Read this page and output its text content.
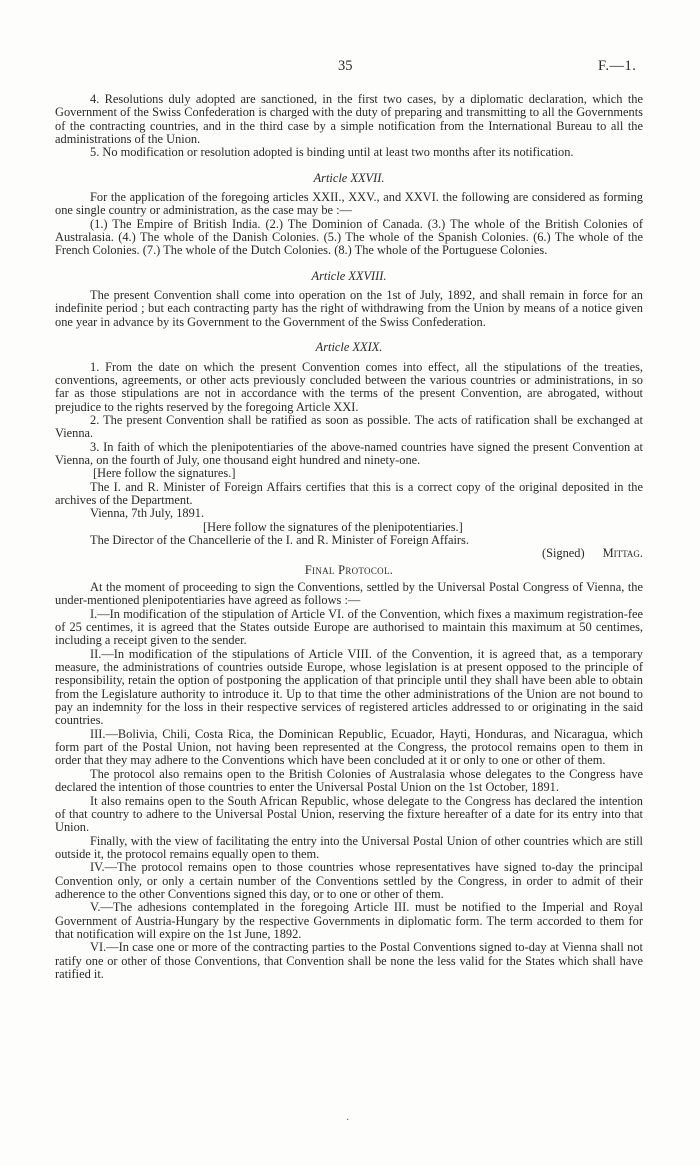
35	F.—1.

4. Resolutions duly adopted are sanctioned, in the first two cases, by a diplomatic declaration, which the Government of the Swiss Confederation is charged with the duty of preparing and transmitting to all the Governments of the contracting countries, and in the third case by a simple notification from the International Bureau to all the administrations of the Union.

5. No modification or resolution adopted is binding until at least two months after its notification.

Article XXVII.

For the application of the foregoing articles XXII., XXV., and XXVI. the following are considered as forming one single country or administration, as the case may be :—

(1.) The Empire of British India. (2.) The Dominion of Canada. (3.) The whole of the British Colonies of Australasia. (4.) The whole of the Danish Colonies. (5.) The whole of the Spanish Colonies. (6.) The whole of the French Colonies. (7.) The whole of the Dutch Colonies. (8.) The whole of the Portuguese Colonies.

Article XXVIII.

The present Convention shall come into operation on the 1st of July, 1892, and shall remain in force for an indefinite period ; but each contracting party has the right of withdrawing from the Union by means of a notice given one year in advance by its Government to the Government of the Swiss Confederation.

Article XXIX.

1. From the date on which the present Convention comes into effect, all the stipulations of the treaties, conventions, agreements, or other acts previously concluded between the various countries or administrations, in so far as those stipulations are not in accordance with the terms of the present Convention, are abrogated, without prejudice to the rights reserved by the foregoing Article XXI.

2. The present Convention shall be ratified as soon as possible. The acts of ratification shall be exchanged at Vienna.

3. In faith of which the plenipotentiaries of the above-named countries have signed the present Convention at Vienna, on the fourth of July, one thousand eight hundred and ninety-one.

[Here follow the signatures.]

The I. and R. Minister of Foreign Affairs certifies that this is a correct copy of the original deposited in the archives of the Department.

Vienna, 7th July, 1891.

[Here follow the signatures of the plenipotentiaries.]

The Director of the Chancellerie of the I. and R. Minister of Foreign Affairs.

(Signed) Mittag.

Final Protocol.

At the moment of proceeding to sign the Conventions, settled by the Universal Postal Congress of Vienna, the under-mentioned plenipotentiaries have agreed as follows :—

I.—In modification of the stipulation of Article VI. of the Convention, which fixes a maximum registration-fee of 25 centimes, it is agreed that the States outside Europe are authorised to maintain this maximum at 50 centimes, including a receipt given to the sender.

II.—In modification of the stipulations of Article VIII. of the Convention, it is agreed that, as a temporary measure, the administrations of countries outside Europe, whose legislation is at present opposed to the principle of responsibility, retain the option of postponing the application of that principle until they shall have been able to obtain from the Legislature authority to introduce it. Up to that time the other administrations of the Union are not bound to pay an indemnity for the loss in their respective services of registered articles addressed to or originating in the said countries.

III.—Bolivia, Chili, Costa Rica, the Dominican Republic, Ecuador, Hayti, Honduras, and Nicaragua, which form part of the Postal Union, not having been represented at the Congress, the protocol remains open to them in order that they may adhere to the Conventions which have been concluded at it or only to one or other of them.

The protocol also remains open to the British Colonies of Australasia whose delegates to the Congress have declared the intention of those countries to enter the Universal Postal Union on the 1st October, 1891.

It also remains open to the South African Republic, whose delegate to the Congress has declared the intention of that country to adhere to the Universal Postal Union, reserving the fixture hereafter of a date for its entry into that Union.

Finally, with the view of facilitating the entry into the Universal Postal Union of other countries which are still outside it, the protocol remains equally open to them.

IV.—The protocol remains open to those countries whose representatives have signed to-day the principal Convention only, or only a certain number of the Conventions settled by the Congress, in order to admit of their adherence to the other Conventions signed this day, or to one or other of them.

V.—The adhesions contemplated in the foregoing Article III. must be notified to the Imperial and Royal Government of Austria-Hungary by the respective Governments in diplomatic form. The term accorded to them for that notification will expire on the 1st June, 1892.

VI.—In case one or more of the contracting parties to the Postal Conventions signed to-day at Vienna shall not ratify one or other of those Conventions, that Convention shall be none the less valid for the States which shall have ratified it.

·
